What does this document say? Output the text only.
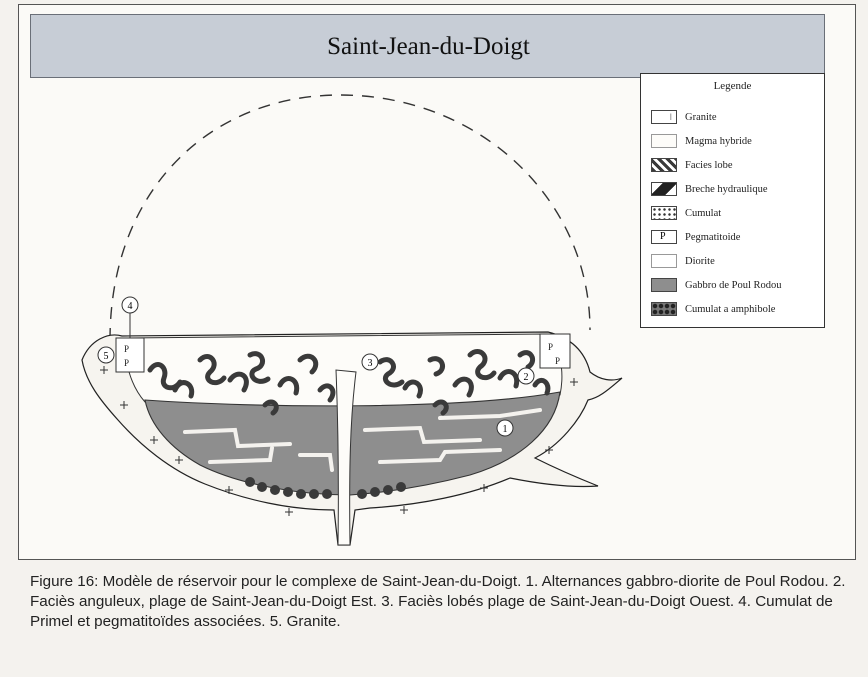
Saint-Jean-du-Doigt
P
P
P
P
1
2
3
4
5
Legende
ǀ Granite
Magma hybride
Facies lobe
Breche hydraulique
Cumulat
P Pegmatitoide
Diorite
Gabbro de Poul Rodou
Cumulat a amphibole
Figure 16: Modèle de réservoir pour le complexe de Saint-Jean-du-Doigt. 1. Alternances gabbro-diorite de Poul Rodou. 2. Faciès anguleux, plage de Saint-Jean-du-Doigt Est. 3. Faciès lobés plage de Saint-Jean-du-Doigt Ouest. 4. Cumulat de Primel et pegmatitoïdes associées. 5. Granite.
